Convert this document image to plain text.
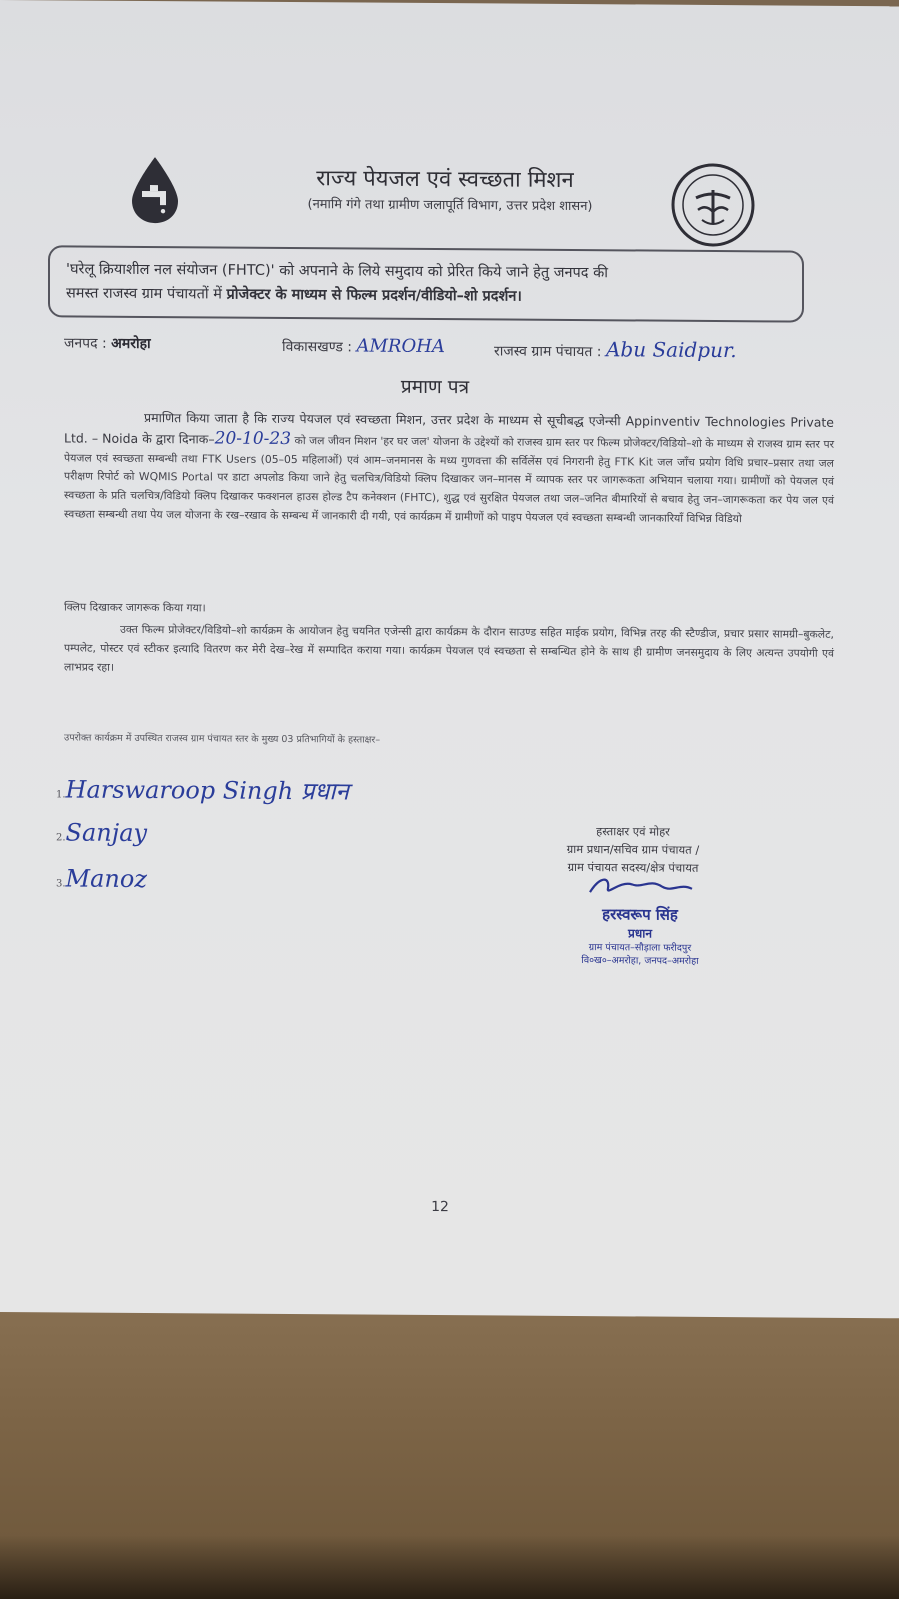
राज्य पेयजल एवं स्वच्छता मिशन
(नमामि गंगे तथा ग्रामीण जलापूर्ति विभाग, उत्तर प्रदेश शासन)
'घरेलू क्रियाशील नल संयोजन (FHTC)' को अपनाने के लिये समुदाय को प्रेरित किये जाने हेतु जनपद की
समस्त राजस्व ग्राम पंचायतों में प्रोजेक्टर के माध्यम से फिल्म प्रदर्शन/वीडियो–शो प्रदर्शन।
जनपद : अमरोहा	विकासखण्ड : AMROHA	राजस्व ग्राम पंचायत : Abu Saidpur.
प्रमाण पत्र
प्रमाणित किया जाता है कि राज्य पेयजल एवं स्वच्छता मिशन, उत्तर प्रदेश के माध्यम से सूचीबद्ध एजेन्सी Appinventiv Technologies Private Ltd. – Noida के द्वारा दिनाक–20-10-23 को जल जीवन मिशन 'हर घर जल' योजना के उद्देश्यों को राजस्व ग्राम स्तर पर फिल्म प्रोजेक्टर/विडियो–शो के माध्यम से राजस्व ग्राम स्तर पर पेयजल एवं स्वच्छता सम्बन्धी तथा FTK Users (05–05 महिलाओं) एवं आम–जनमानस के मध्य गुणवत्ता की सर्विलेंस एवं निगरानी हेतु FTK Kit जल जाँच प्रयोग विधि प्रचार–प्रसार तथा जल परीक्षण रिपोर्ट को WQMIS Portal पर डाटा अपलोड किया जाने हेतु चलचित्र/विडियो क्लिप दिखाकर जन–मानस में व्यापक स्तर पर जागरूकता अभियान चलाया गया। ग्रामीणों को पेयजल एवं स्वच्छता के प्रति चलचित्र/विडियो क्लिप दिखाकर फक्शनल हाउस होल्ड टैप कनेक्शन (FHTC), शुद्ध एवं सुरक्षित पेयजल तथा जल–जनित बीमारियों से बचाव हेतु जन–जागरूकता कर पेय जल एवं स्वच्छता सम्बन्धी तथा पेय जल योजना के रख–रखाव के सम्बन्ध में जानकारी दी गयी, एवं कार्यक्रम में ग्रामीणों को पाइप पेयजल एवं स्वच्छता सम्बन्धी जानकारियाँ विभिन्न विडियो
क्लिप दिखाकर जागरूक किया गया।
उक्त फिल्म प्रोजेक्टर/विडियो–शो कार्यक्रम के आयोजन हेतु चयनित एजेन्सी द्वारा कार्यक्रम के दौरान साउण्ड सहित माईक प्रयोग, विभिन्न तरह की स्टैण्डीज, प्रचार प्रसार सामग्री–बुकलेट, पम्पलेट, पोस्टर एवं स्टीकर इत्यादि वितरण कर मेरी देख–रेख में सम्पादित कराया गया। कार्यक्रम पेयजल एवं स्वच्छता से सम्बन्धित होने के साथ ही ग्रामीण जनसमुदाय के लिए अत्यन्त उपयोगी एवं लाभप्रद रहा।
उपरोक्त कार्यक्रम में उपस्थित राजस्व ग्राम पंचायत स्तर के मुख्य 03 प्रतिभागियों के हस्ताक्षर–
1.Harswaroop Singh प्रधान
2.Sanjay
3.Manoz
हस्ताक्षर एवं मोहर
ग्राम प्रधान/सचिव ग्राम पंचायत /
ग्राम पंचायत सदस्य/क्षेत्र पंचायत
हरस्वरूप सिंह
प्रधान
ग्राम पंचायत–सौड़ाला फरीदपुर
वि०ख०–अमरोहा, जनपद–अमरोहा
12
